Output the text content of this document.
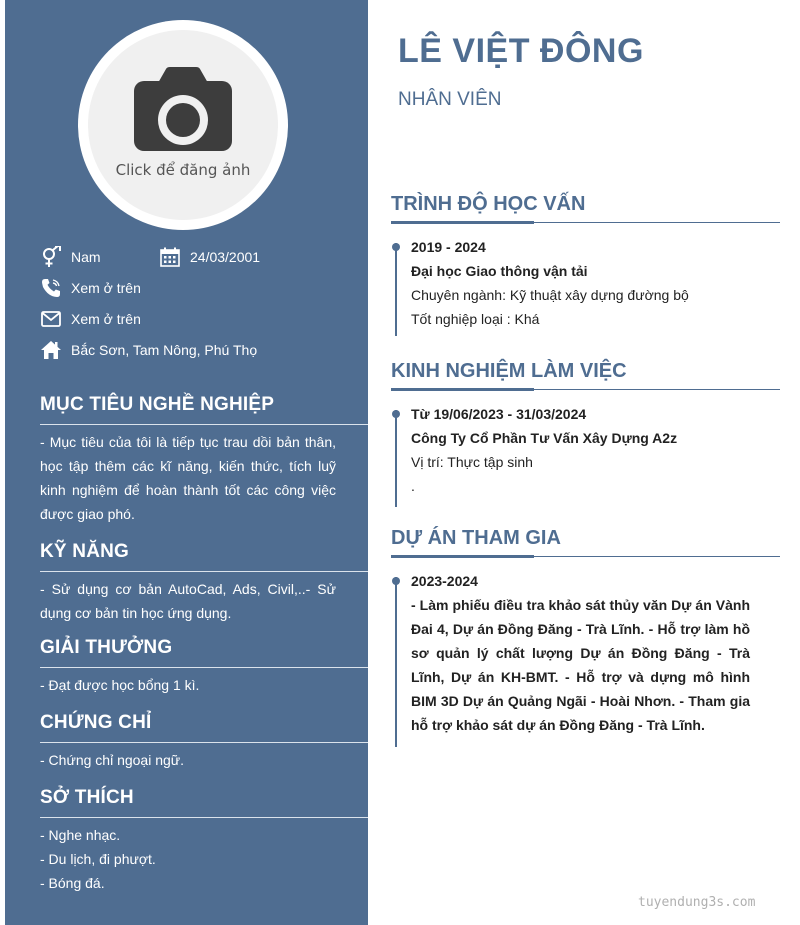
Click để đăng ảnh
Nam	24/03/2001
Xem ở trên
Xem ở trên
Bắc Sơn, Tam Nông, Phú Thọ
MỤC TIÊU NGHỀ NGHIỆP
- Mục tiêu của tôi là tiếp tục trau dồi bản thân, học tập thêm các kĩ năng, kiến thức, tích luỹ kinh nghiệm để hoàn thành tốt các công việc được giao phó.
KỸ NĂNG
- Sử dụng cơ bản AutoCad, Ads, Civil,..- Sử dụng cơ bản tin học ứng dụng.
GIẢI THƯỞNG
- Đạt được học bổng 1 kì.
CHỨNG CHỈ
- Chứng chỉ ngoại ngữ.
SỞ THÍCH
- Nghe nhạc.
- Du lịch, đi phượt.
- Bóng đá.
LÊ VIỆT ĐÔNG
NHÂN VIÊN
TRÌNH ĐỘ HỌC VẤN
2019 - 2024
Đại học Giao thông vận tải
Chuyên ngành: Kỹ thuật xây dựng đường bộ
Tốt nghiệp loại : Khá
KINH NGHIỆM LÀM VIỆC
Từ 19/06/2023 - 31/03/2024
Công Ty Cổ Phần Tư Vấn Xây Dựng A2z
Vị trí: Thực tập sinh
.
DỰ ÁN THAM GIA
2023-2024
- Làm phiếu điều tra khảo sát thủy văn Dự án Vành Đai 4, Dự án Đồng Đăng - Trà Lĩnh. - Hỗ trợ làm hồ sơ quản lý chất lượng Dự án Đồng Đăng - Trà Lĩnh, Dự án KH-BMT. - Hỗ trợ và dựng mô hình BIM 3D Dự án Quảng Ngãi - Hoài Nhơn. - Tham gia hỗ trợ khảo sát dự án Đồng Đăng - Trà Lĩnh.
tuyendung3s.com
